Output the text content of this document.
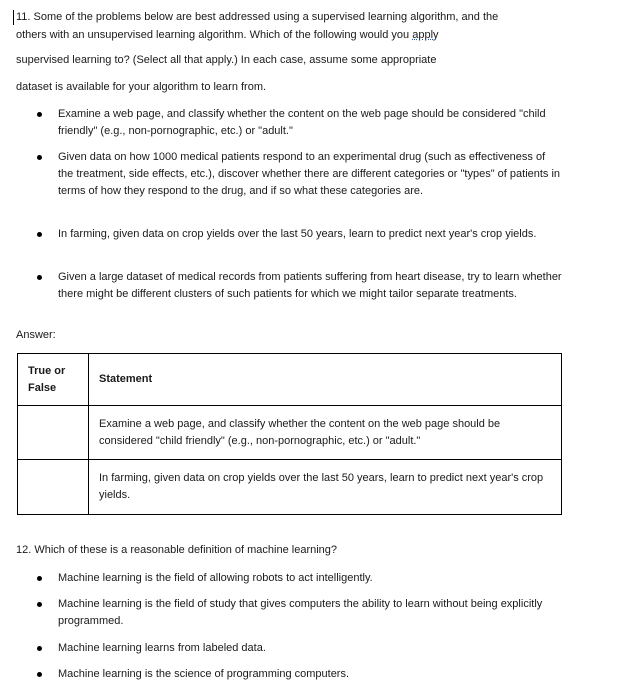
11. Some of the problems below are best addressed using a supervised learning algorithm, and the
others with an unsupervised learning algorithm. Which of the following would you apply
supervised learning to? (Select all that apply.) In each case, assume some appropriate
dataset is available for your algorithm to learn from.
Examine a web page, and classify whether the content on the web page should be considered "child friendly" (e.g., non-pornographic, etc.) or "adult."
Given data on how 1000 medical patients respond to an experimental drug (such as effectiveness of the treatment, side effects, etc.), discover whether there are different categories or "types" of patients in terms of how they respond to the drug, and if so what these categories are.
In farming, given data on crop yields over the last 50 years, learn to predict next year's crop yields.
Given a large dataset of medical records from patients suffering from heart disease, try to learn whether there might be different clusters of such patients for which we might tailor separate treatments.
Answer:
True or False	Statement
	Examine a web page, and classify whether the content on the web page should be considered "child friendly" (e.g., non-pornographic, etc.) or "adult."
	In farming, given data on crop yields over the last 50 years, learn to predict next year's crop yields.
12. Which of these is a reasonable definition of machine learning?
Machine learning is the field of allowing robots to act intelligently.
Machine learning is the field of study that gives computers the ability to learn without being explicitly programmed.
Machine learning learns from labeled data.
Machine learning is the science of programming computers.
